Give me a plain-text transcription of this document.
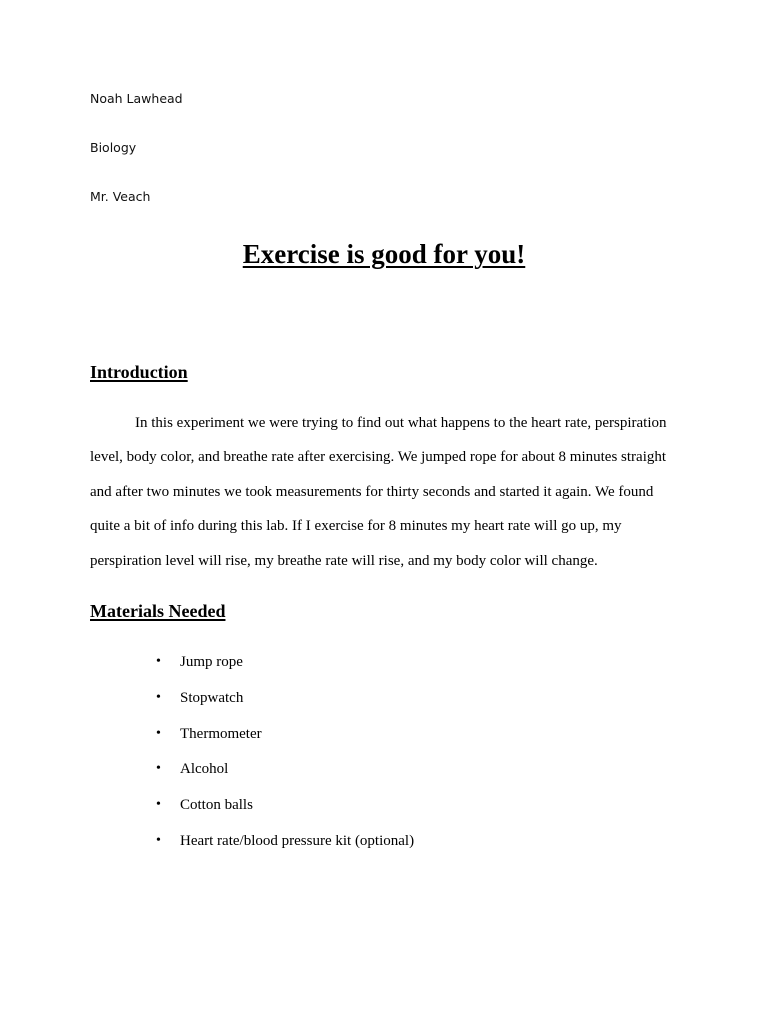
Noah Lawhead
Biology
Mr. Veach
Exercise is good for you!
Introduction
In this experiment we were trying to find out what happens to the heart rate, perspiration
level, body color, and breathe rate after exercising. We jumped rope for about 8 minutes straight
and after two minutes we took measurements for thirty seconds and started it again. We found
quite a bit of info during this lab. If I exercise for 8 minutes my heart rate will go up, my
perspiration level will rise, my breathe rate will rise, and my body color will change.
Materials Needed
• Jump rope
• Stopwatch
• Thermometer
• Alcohol
• Cotton balls
• Heart rate/blood pressure kit (optional)
